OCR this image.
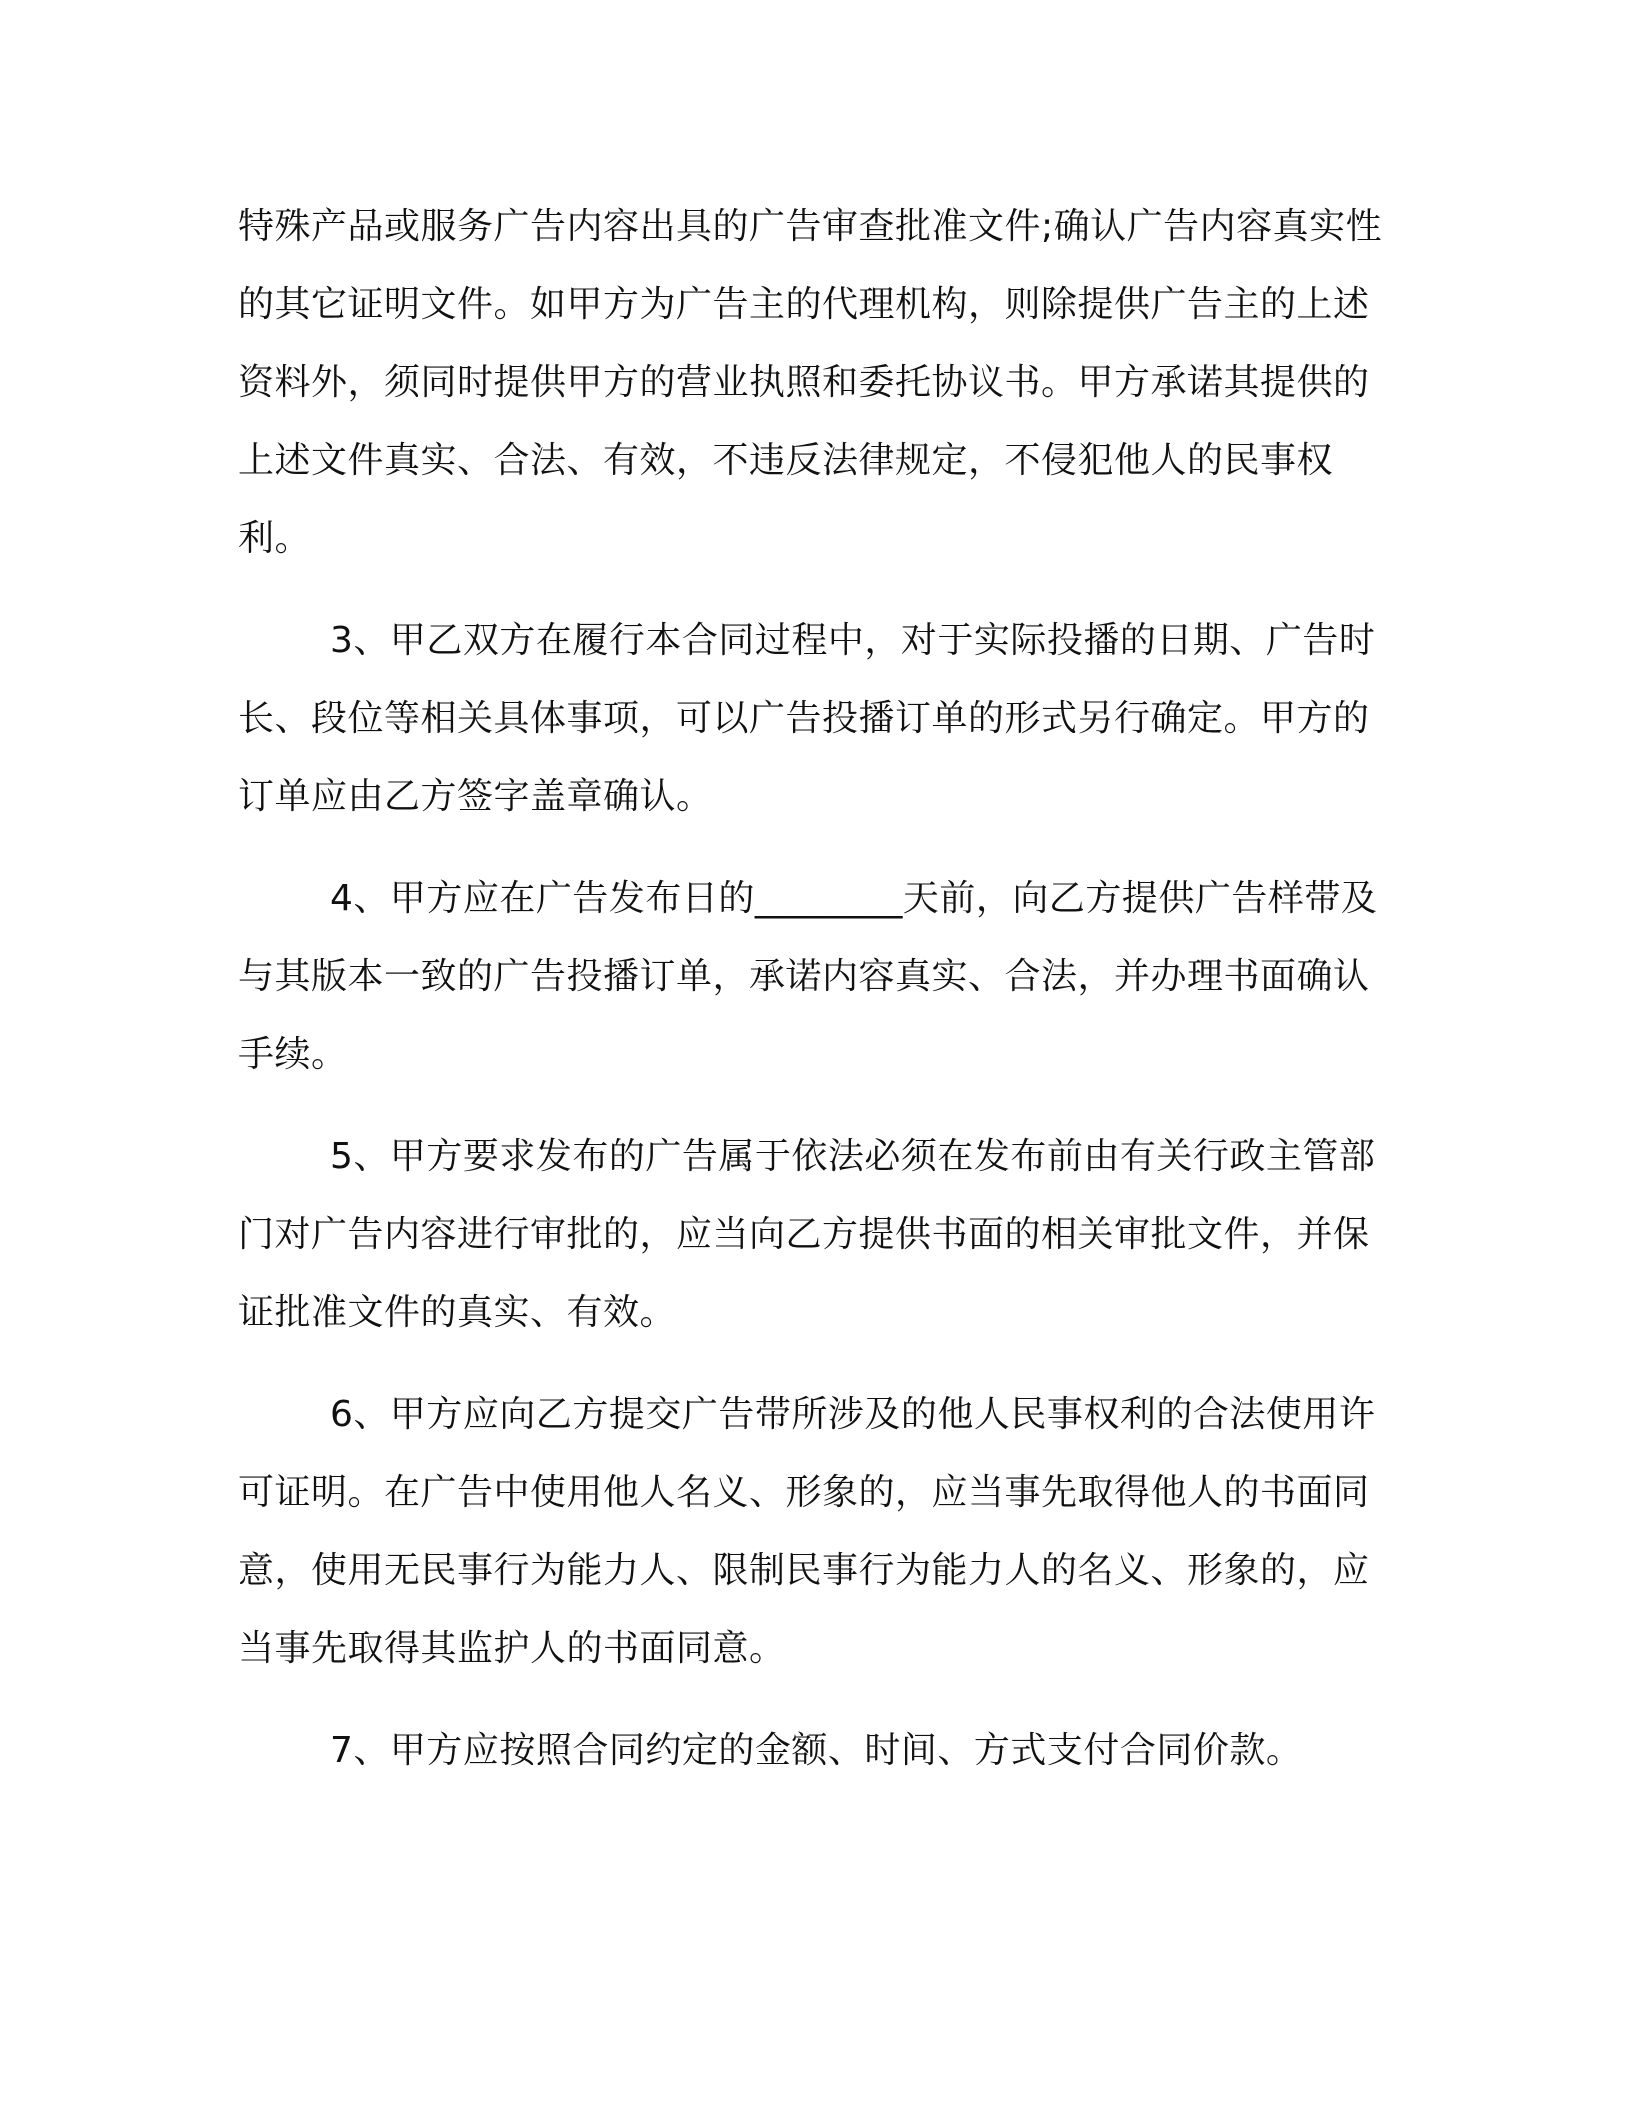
特殊产品或服务广告内容出具的广告审查批准文件;确认广告内容真实性的其它证明文件。如甲方为广告主的代理机构，则除提供广告主的上述资料外，须同时提供甲方的营业执照和委托协议书。甲方承诺其提供的上述文件真实、合法、有效，不违反法律规定，不侵犯他人的民事权利。

3、甲乙双方在履行本合同过程中，对于实际投播的日期、广告时长、段位等相关具体事项，可以广告投播订单的形式另行确定。甲方的订单应由乙方签字盖章确认。

4、甲方应在广告发布日的________天前，向乙方提供广告样带及与其版本一致的广告投播订单，承诺内容真实、合法，并办理书面确认手续。

5、甲方要求发布的广告属于依法必须在发布前由有关行政主管部门对广告内容进行审批的，应当向乙方提供书面的相关审批文件，并保证批准文件的真实、有效。

6、甲方应向乙方提交广告带所涉及的他人民事权利的合法使用许可证明。在广告中使用他人名义、形象的，应当事先取得他人的书面同意，使用无民事行为能力人、限制民事行为能力人的名义、形象的，应当事先取得其监护人的书面同意。

7、甲方应按照合同约定的金额、时间、方式支付合同价款。
